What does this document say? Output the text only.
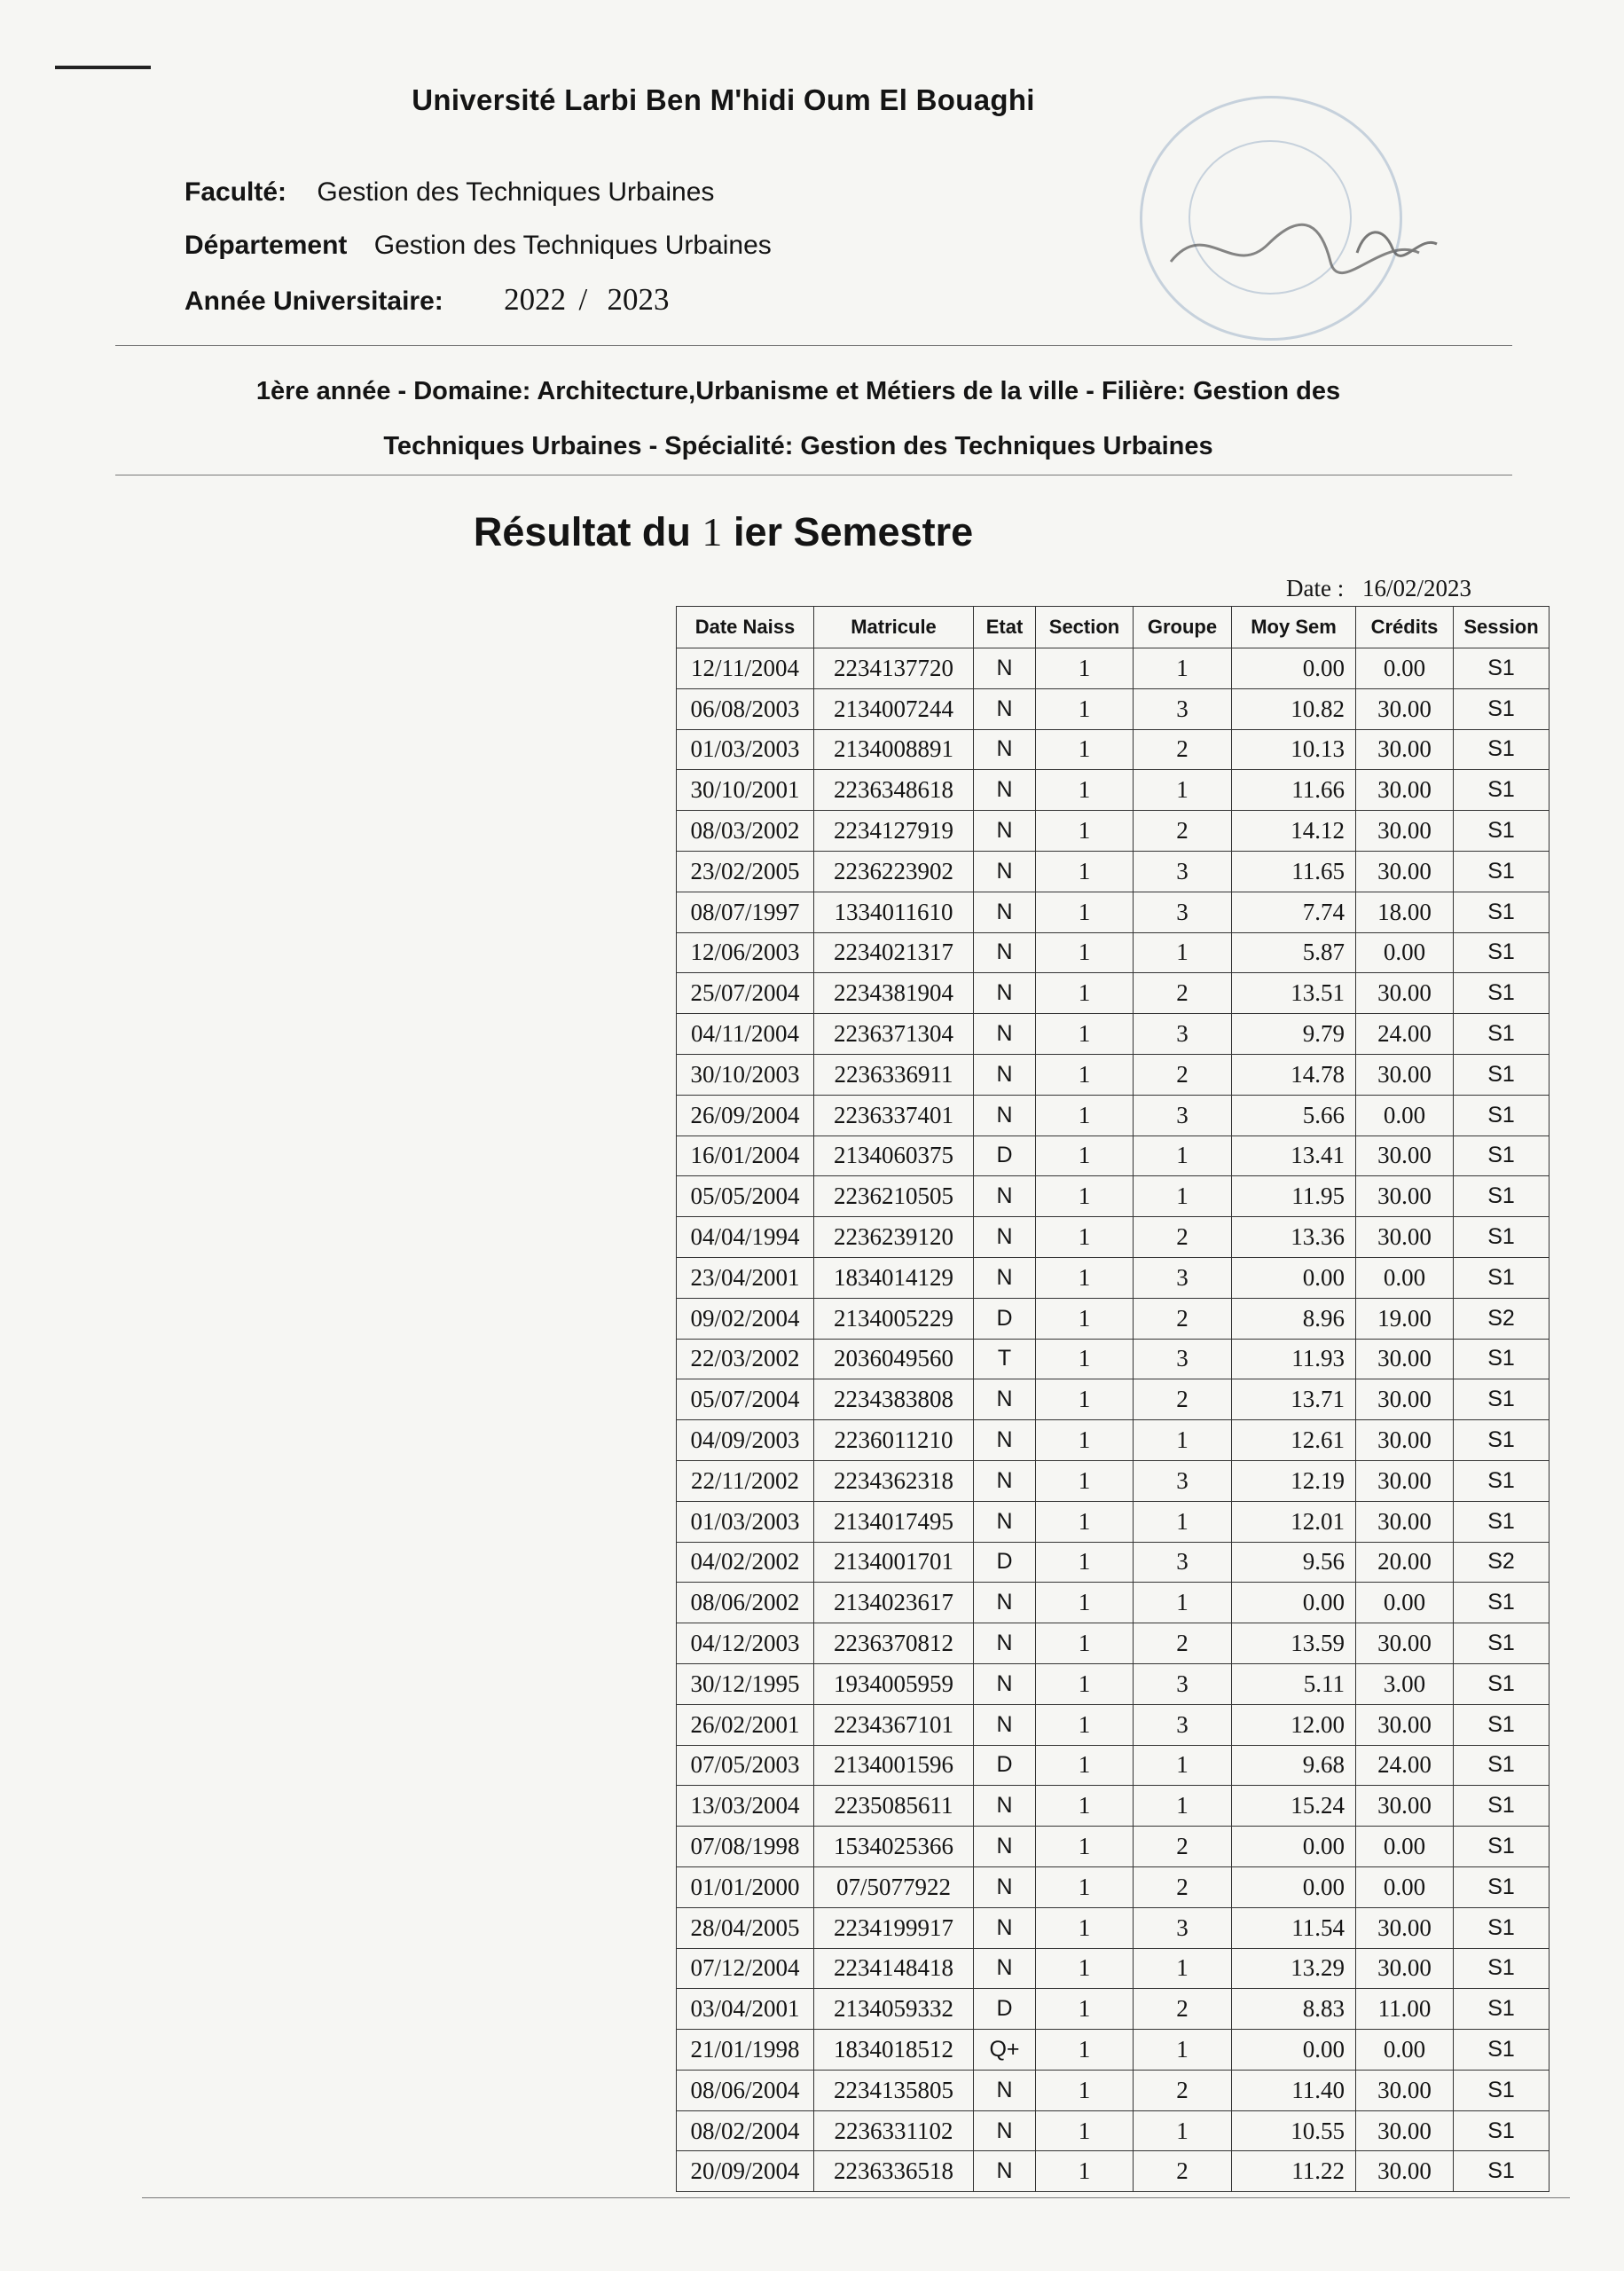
Université Larbi Ben M'hidi Oum El Bouaghi
Faculté: Gestion des Techniques Urbaines
Département Gestion des Techniques Urbaines
Année Universitaire: 2022 / 2023
1ère année - Domaine: Architecture,Urbanisme et Métiers de la ville - Filière: Gestion des
Techniques Urbaines - Spécialité: Gestion des Techniques Urbaines
Résultat du 1 ier Semestre
Date : 16/02/2023
Date Naiss	Matricule	Etat	Section	Groupe	Moy Sem	Crédits	Session
12/11/2004	2234137720	N	1	1	0.00	0.00	S1
06/08/2003	2134007244	N	1	3	10.82	30.00	S1
01/03/2003	2134008891	N	1	2	10.13	30.00	S1
30/10/2001	2236348618	N	1	1	11.66	30.00	S1
08/03/2002	2234127919	N	1	2	14.12	30.00	S1
23/02/2005	2236223902	N	1	3	11.65	30.00	S1
08/07/1997	1334011610	N	1	3	7.74	18.00	S1
12/06/2003	2234021317	N	1	1	5.87	0.00	S1
25/07/2004	2234381904	N	1	2	13.51	30.00	S1
04/11/2004	2236371304	N	1	3	9.79	24.00	S1
30/10/2003	2236336911	N	1	2	14.78	30.00	S1
26/09/2004	2236337401	N	1	3	5.66	0.00	S1
16/01/2004	2134060375	D	1	1	13.41	30.00	S1
05/05/2004	2236210505	N	1	1	11.95	30.00	S1
04/04/1994	2236239120	N	1	2	13.36	30.00	S1
23/04/2001	1834014129	N	1	3	0.00	0.00	S1
09/02/2004	2134005229	D	1	2	8.96	19.00	S2
22/03/2002	2036049560	T	1	3	11.93	30.00	S1
05/07/2004	2234383808	N	1	2	13.71	30.00	S1
04/09/2003	2236011210	N	1	1	12.61	30.00	S1
22/11/2002	2234362318	N	1	3	12.19	30.00	S1
01/03/2003	2134017495	N	1	1	12.01	30.00	S1
04/02/2002	2134001701	D	1	3	9.56	20.00	S2
08/06/2002	2134023617	N	1	1	0.00	0.00	S1
04/12/2003	2236370812	N	1	2	13.59	30.00	S1
30/12/1995	1934005959	N	1	3	5.11	3.00	S1
26/02/2001	2234367101	N	1	3	12.00	30.00	S1
07/05/2003	2134001596	D	1	1	9.68	24.00	S1
13/03/2004	2235085611	N	1	1	15.24	30.00	S1
07/08/1998	1534025366	N	1	2	0.00	0.00	S1
01/01/2000	07/5077922	N	1	2	0.00	0.00	S1
28/04/2005	2234199917	N	1	3	11.54	30.00	S1
07/12/2004	2234148418	N	1	1	13.29	30.00	S1
03/04/2001	2134059332	D	1	2	8.83	11.00	S1
21/01/1998	1834018512	Q+	1	1	0.00	0.00	S1
08/06/2004	2234135805	N	1	2	11.40	30.00	S1
08/02/2004	2236331102	N	1	1	10.55	30.00	S1
20/09/2004	2236336518	N	1	2	11.22	30.00	S1
